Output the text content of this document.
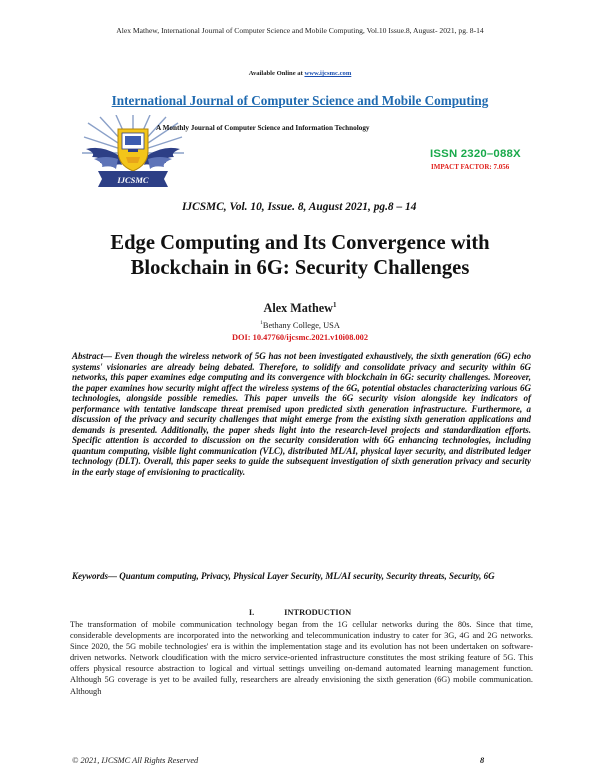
Alex Mathew, International Journal of Computer Science and Mobile Computing, Vol.10 Issue.8, August- 2021, pg. 8-14
Available Online at www.ijcsmc.com
International Journal of Computer Science and Mobile Computing
IJCSMC
A Monthly Journal of Computer Science and Information Technology
ISSN 2320–088X
IMPACT FACTOR: 7.056
IJCSMC, Vol. 10, Issue. 8, August 2021, pg.8 – 14
Edge Computing and Its Convergence with
Blockchain in 6G: Security Challenges
Alex Mathew$^1$
$^1$Bethany College, USA
DOI: 10.47760/ijcsmc.2021.v10i08.002
Abstract— Even though the wireless network of 5G has not been investigated exhaustively, the sixth generation (6G) echo systems' visionaries are already being debated. Therefore, to solidify and consolidate privacy and security within 6G networks, this paper examines edge computing and its convergence with blockchain in 6G: security challenges. Moreover, the paper examines how security might affect the wireless systems of the 6G, potential obstacles characterizing various 6G technologies, alongside possible remedies. This paper unveils the 6G security vision alongside key indicators of performance with tentative landscape threat premised upon predicted sixth generation infrastructure. Furthermore, a discussion of the privacy and security challenges that might emerge from the existing sixth generation applications and demands is presented. Additionally, the paper sheds light into the research-level projects and standardization efforts. Specific attention is accorded to discussion on the security consideration with 6G enhancing technologies, including quantum computing, visible light communication (VLC), distributed ML/AI, physical layer security, and distributed ledger technology (DLT). Overall, this paper seeks to guide the subsequent investigation of sixth generation privacy and security in the early stage of envisioning to practicality.
Keywords— Quantum computing, Privacy, Physical Layer Security, ML/AI security, Security threats, Security, 6G
I.	INTRODUCTION
The transformation of mobile communication technology began from the 1G cellular networks during the 80s. Since that time, considerable developments are incorporated into the networking and telecommunication industry to cater for 3G, 4G and 2G networks. Since 2020, the 5G mobile technologies' era is within the implementation stage and its evolution has not been undertaken on software-driven networks. Network cloudification with the micro service-oriented infrastructure constitutes the most striking feature of 5G. This offers physical resource abstraction to logical and virtual settings unveiling on-demand automated learning management function. Although 5G coverage is yet to be availed fully, researchers are already envisioning the sixth generation (6G) mobile communication. Although
© 2021, IJCSMC All Rights Reserved	8
